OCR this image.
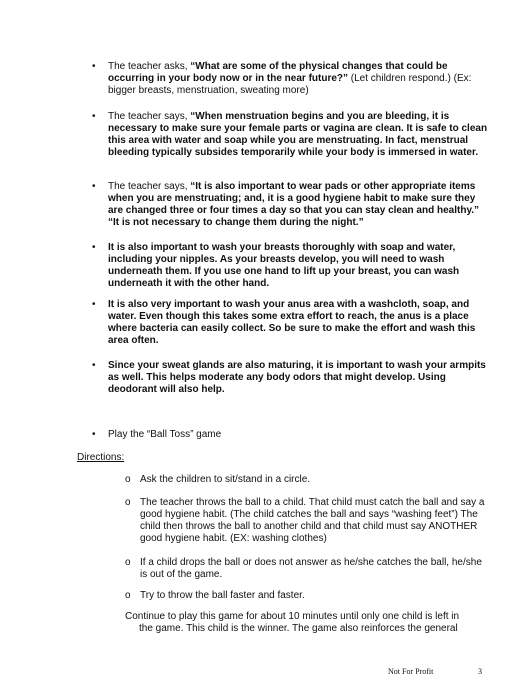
• The teacher asks, “What are some of the physical changes that could be occurring in your body now or in the near future?” (Let children respond.) (Ex: bigger breasts, menstruation, sweating more)

• The teacher says, “When menstruation begins and you are bleeding, it is necessary to make sure your female parts or vagina are clean. It is safe to clean this area with water and soap while you are menstruating. In fact, menstrual bleeding typically subsides temporarily while your body is immersed in water.

• The teacher says, “It is also important to wear pads or other appropriate items when you are menstruating; and, it is a good hygiene habit to make sure they are changed three or four times a day so that you can stay clean and healthy.” “It is not necessary to change them during the night.”

• It is also important to wash your breasts thoroughly with soap and water, including your nipples. As your breasts develop, you will need to wash underneath them. If you use one hand to lift up your breast, you can wash underneath it with the other hand.

• It is also very important to wash your anus area with a washcloth, soap, and water. Even though this takes some extra effort to reach, the anus is a place where bacteria can easily collect. So be sure to make the effort and wash this area often.

• Since your sweat glands are also maturing, it is important to wash your armpits as well. This helps moderate any body odors that might develop. Using deodorant will also help.

• Play the “Ball Toss” game

Directions:

o Ask the children to sit/stand in a circle.

o The teacher throws the ball to a child. That child must catch the ball and say a good hygiene habit. (The child catches the ball and says “washing feet”) The child then throws the ball to another child and that child must say ANOTHER good hygiene habit. (EX: washing clothes)

o If a child drops the ball or does not answer as he/she catches the ball, he/she is out of the game.

o Try to throw the ball faster and faster.

Continue to play this game for about 10 minutes until only one child is left in
the game. This child is the winner. The game also reinforces the general

Not For Profit	3
